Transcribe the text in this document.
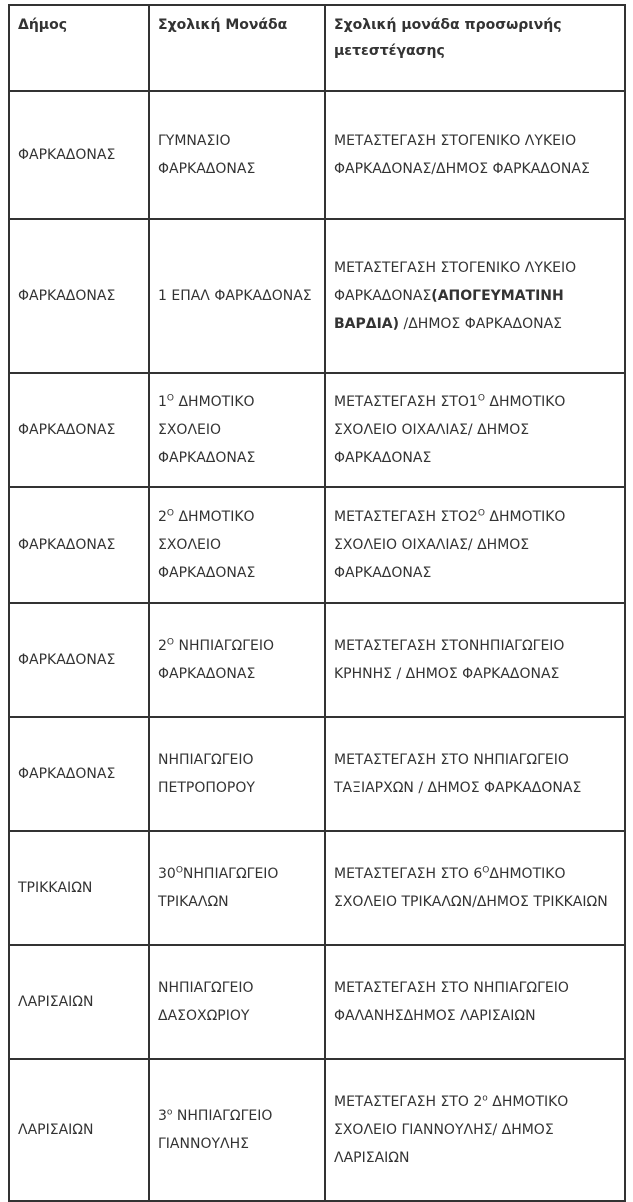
Δήμος	Σχολική Μονάδα	Σχολική μονάδα προσωρινής μετεστέγασης
ΦΑΡΚΑΔΟΝΑΣ	ΓΥΜΝΑΣΙΟ ΦΑΡΚΑΔΟΝΑΣ	ΜΕΤΑΣΤΕΓΑΣΗ ΣΤΟΓΕΝΙΚΟ ΛΥΚΕΙΟ ΦΑΡΚΑΔΟΝΑΣ/ΔΗΜΟΣ ΦΑΡΚΑΔΟΝΑΣ
ΦΑΡΚΑΔΟΝΑΣ	1 ΕΠΑΛ ΦΑΡΚΑΔΟΝΑΣ	ΜΕΤΑΣΤΕΓΑΣΗ ΣΤΟΓΕΝΙΚΟ ΛΥΚΕΙΟ ΦΑΡΚΑΔΟΝΑΣ(ΑΠΟΓΕΥΜΑΤΙΝΗ ΒΑΡΔΙΑ) /ΔΗΜΟΣ ΦΑΡΚΑΔΟΝΑΣ
ΦΑΡΚΑΔΟΝΑΣ	$1^O$ ΔΗΜΟΤΙΚΟ ΣΧΟΛΕΙΟ ΦΑΡΚΑΔΟΝΑΣ	ΜΕΤΑΣΤΕΓΑΣΗ $\Sigma TO1^O$ ΔΗΜΟΤΙΚΟ ΣΧΟΛΕΙΟ ΟΙΧΑΛΙΑΣ/ ΔΗΜΟΣ ΦΑΡΚΑΔΟΝΑΣ
ΦΑΡΚΑΔΟΝΑΣ	$2^O$ ΔΗΜΟΤΙΚΟ ΣΧΟΛΕΙΟ ΦΑΡΚΑΔΟΝΑΣ	ΜΕΤΑΣΤΕΓΑΣΗ $\Sigma TO2^O$ ΔΗΜΟΤΙΚΟ ΣΧΟΛΕΙΟ ΟΙΧΑΛΙΑΣ/ ΔΗΜΟΣ ΦΑΡΚΑΔΟΝΑΣ
ΦΑΡΚΑΔΟΝΑΣ	$2^O$ ΝΗΠΙΑΓΩΓΕΙΟ ΦΑΡΚΑΔΟΝΑΣ	ΜΕΤΑΣΤΕΓΑΣΗ ΣΤΟΝΗΠΙΑΓΩΓΕΙΟ ΚΡΗΝΗΣ / ΔΗΜΟΣ ΦΑΡΚΑΔΟΝΑΣ
ΦΑΡΚΑΔΟΝΑΣ	ΝΗΠΙΑΓΩΓΕΙΟ ΠΕΤΡΟΠΟΡΟΥ	ΜΕΤΑΣΤΕΓΑΣΗ ΣΤΟ ΝΗΠΙΑΓΩΓΕΙΟ ΤΑΞΙΑΡΧΩΝ / ΔΗΜΟΣ ΦΑΡΚΑΔΟΝΑΣ
ΤΡΙΚΚΑΙΩΝ	$30^ONH\Pi IA\Gamma\Omega\Gamma EIO$ ΤΡΙΚΑΛΩΝ	ΜΕΤΑΣΤΕΓΑΣΗ ΣΤΟ $6^O\Delta HMOTIKO$ ΣΧΟΛΕΙΟ ΤΡΙΚΑΛΩΝ/ΔΗΜΟΣ ΤΡΙΚΚΑΙΩΝ
ΛΑΡΙΣΑΙΩΝ	ΝΗΠΙΑΓΩΓΕΙΟ ΔΑΣΟΧΩΡΙΟΥ	ΜΕΤΑΣΤΕΓΑΣΗ ΣΤΟ ΝΗΠΙΑΓΩΓΕΙΟ ΦΑΛΑΝΗΣΔΗΜΟΣ ΛΑΡΙΣΑΙΩΝ
ΛΑΡΙΣΑΙΩΝ	$3^o$ ΝΗΠΙΑΓΩΓΕΙΟ ΓΙΑΝΝΟΥΛΗΣ	ΜΕΤΑΣΤΕΓΑΣΗ ΣΤΟ $2^o$ ΔΗΜΟΤΙΚΟ ΣΧΟΛΕΙΟ ΓΙΑΝΝΟΥΛΗΣ/ ΔΗΜΟΣ ΛΑΡΙΣΑΙΩΝ
